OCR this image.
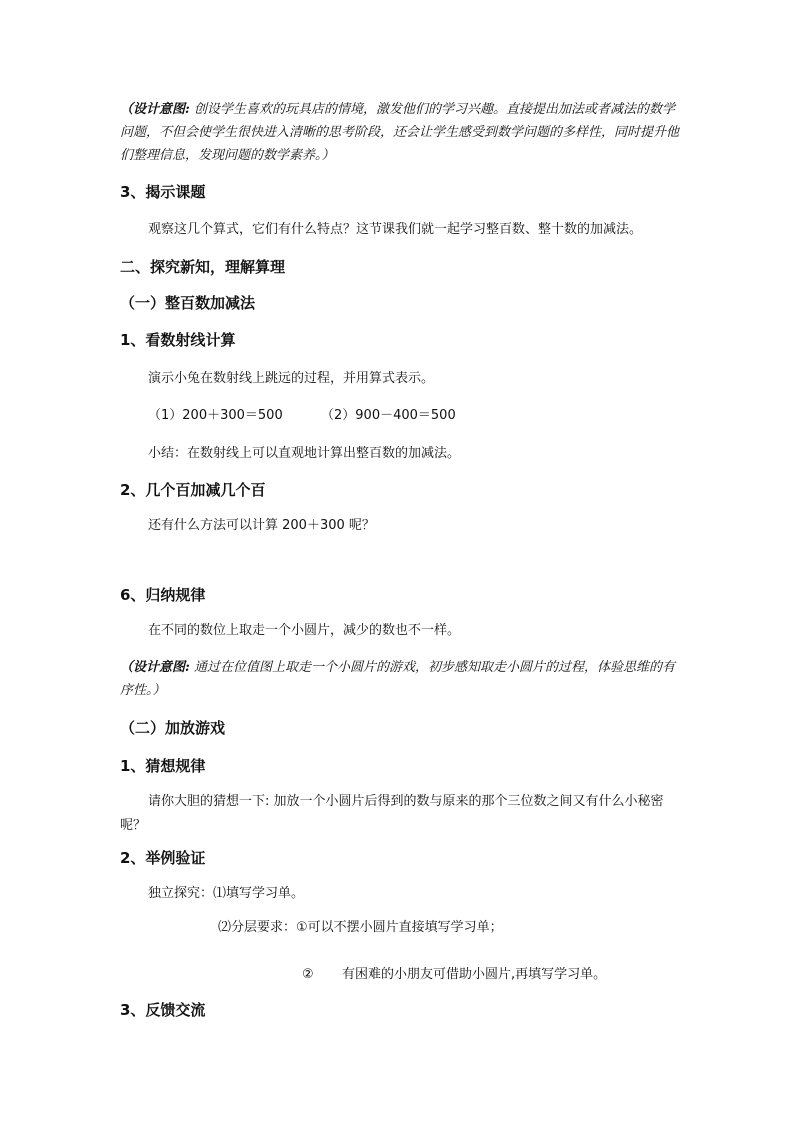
（设计意图: 创设学生喜欢的玩具店的情境，激发他们的学习兴趣。直接提出加法或者减法的数学问题，不但会使学生很快进入清晰的思考阶段，还会让学生感受到数学问题的多样性，同时提升他们整理信息，发现问题的数学素养。）

3、揭示课题
观察这几个算式，它们有什么特点？这节课我们就一起学习整百数、整十数的加减法。
二、探究新知，理解算理
（一）整百数加减法
1、看数射线计算
演示小兔在数射线上跳远的过程，并用算式表示。
（1）200＋300＝500	（2）900－400＝500
小结：在数射线上可以直观地计算出整百数的加减法。
2、几个百加减几个百
还有什么方法可以计算 200＋300 呢？
6、归纳规律
在不同的数位上取走一个小圆片，减少的数也不一样。

（设计意图: 通过在位值图上取走一个小圆片的游戏，初步感知取走小圆片的过程，体验思维的有序性。）

（二）加放游戏
1、猜想规律

请你大胆的猜想一下: 加放一个小圆片后得到的数与原来的那个三位数之间又有什么小秘密呢？

2、举例验证
独立探究：⑴填写学习单。
⑵分层要求：①可以不摆小圆片直接填写学习单；
② 有困难的小朋友可借助小圆片,再填写学习单。
3、反馈交流
